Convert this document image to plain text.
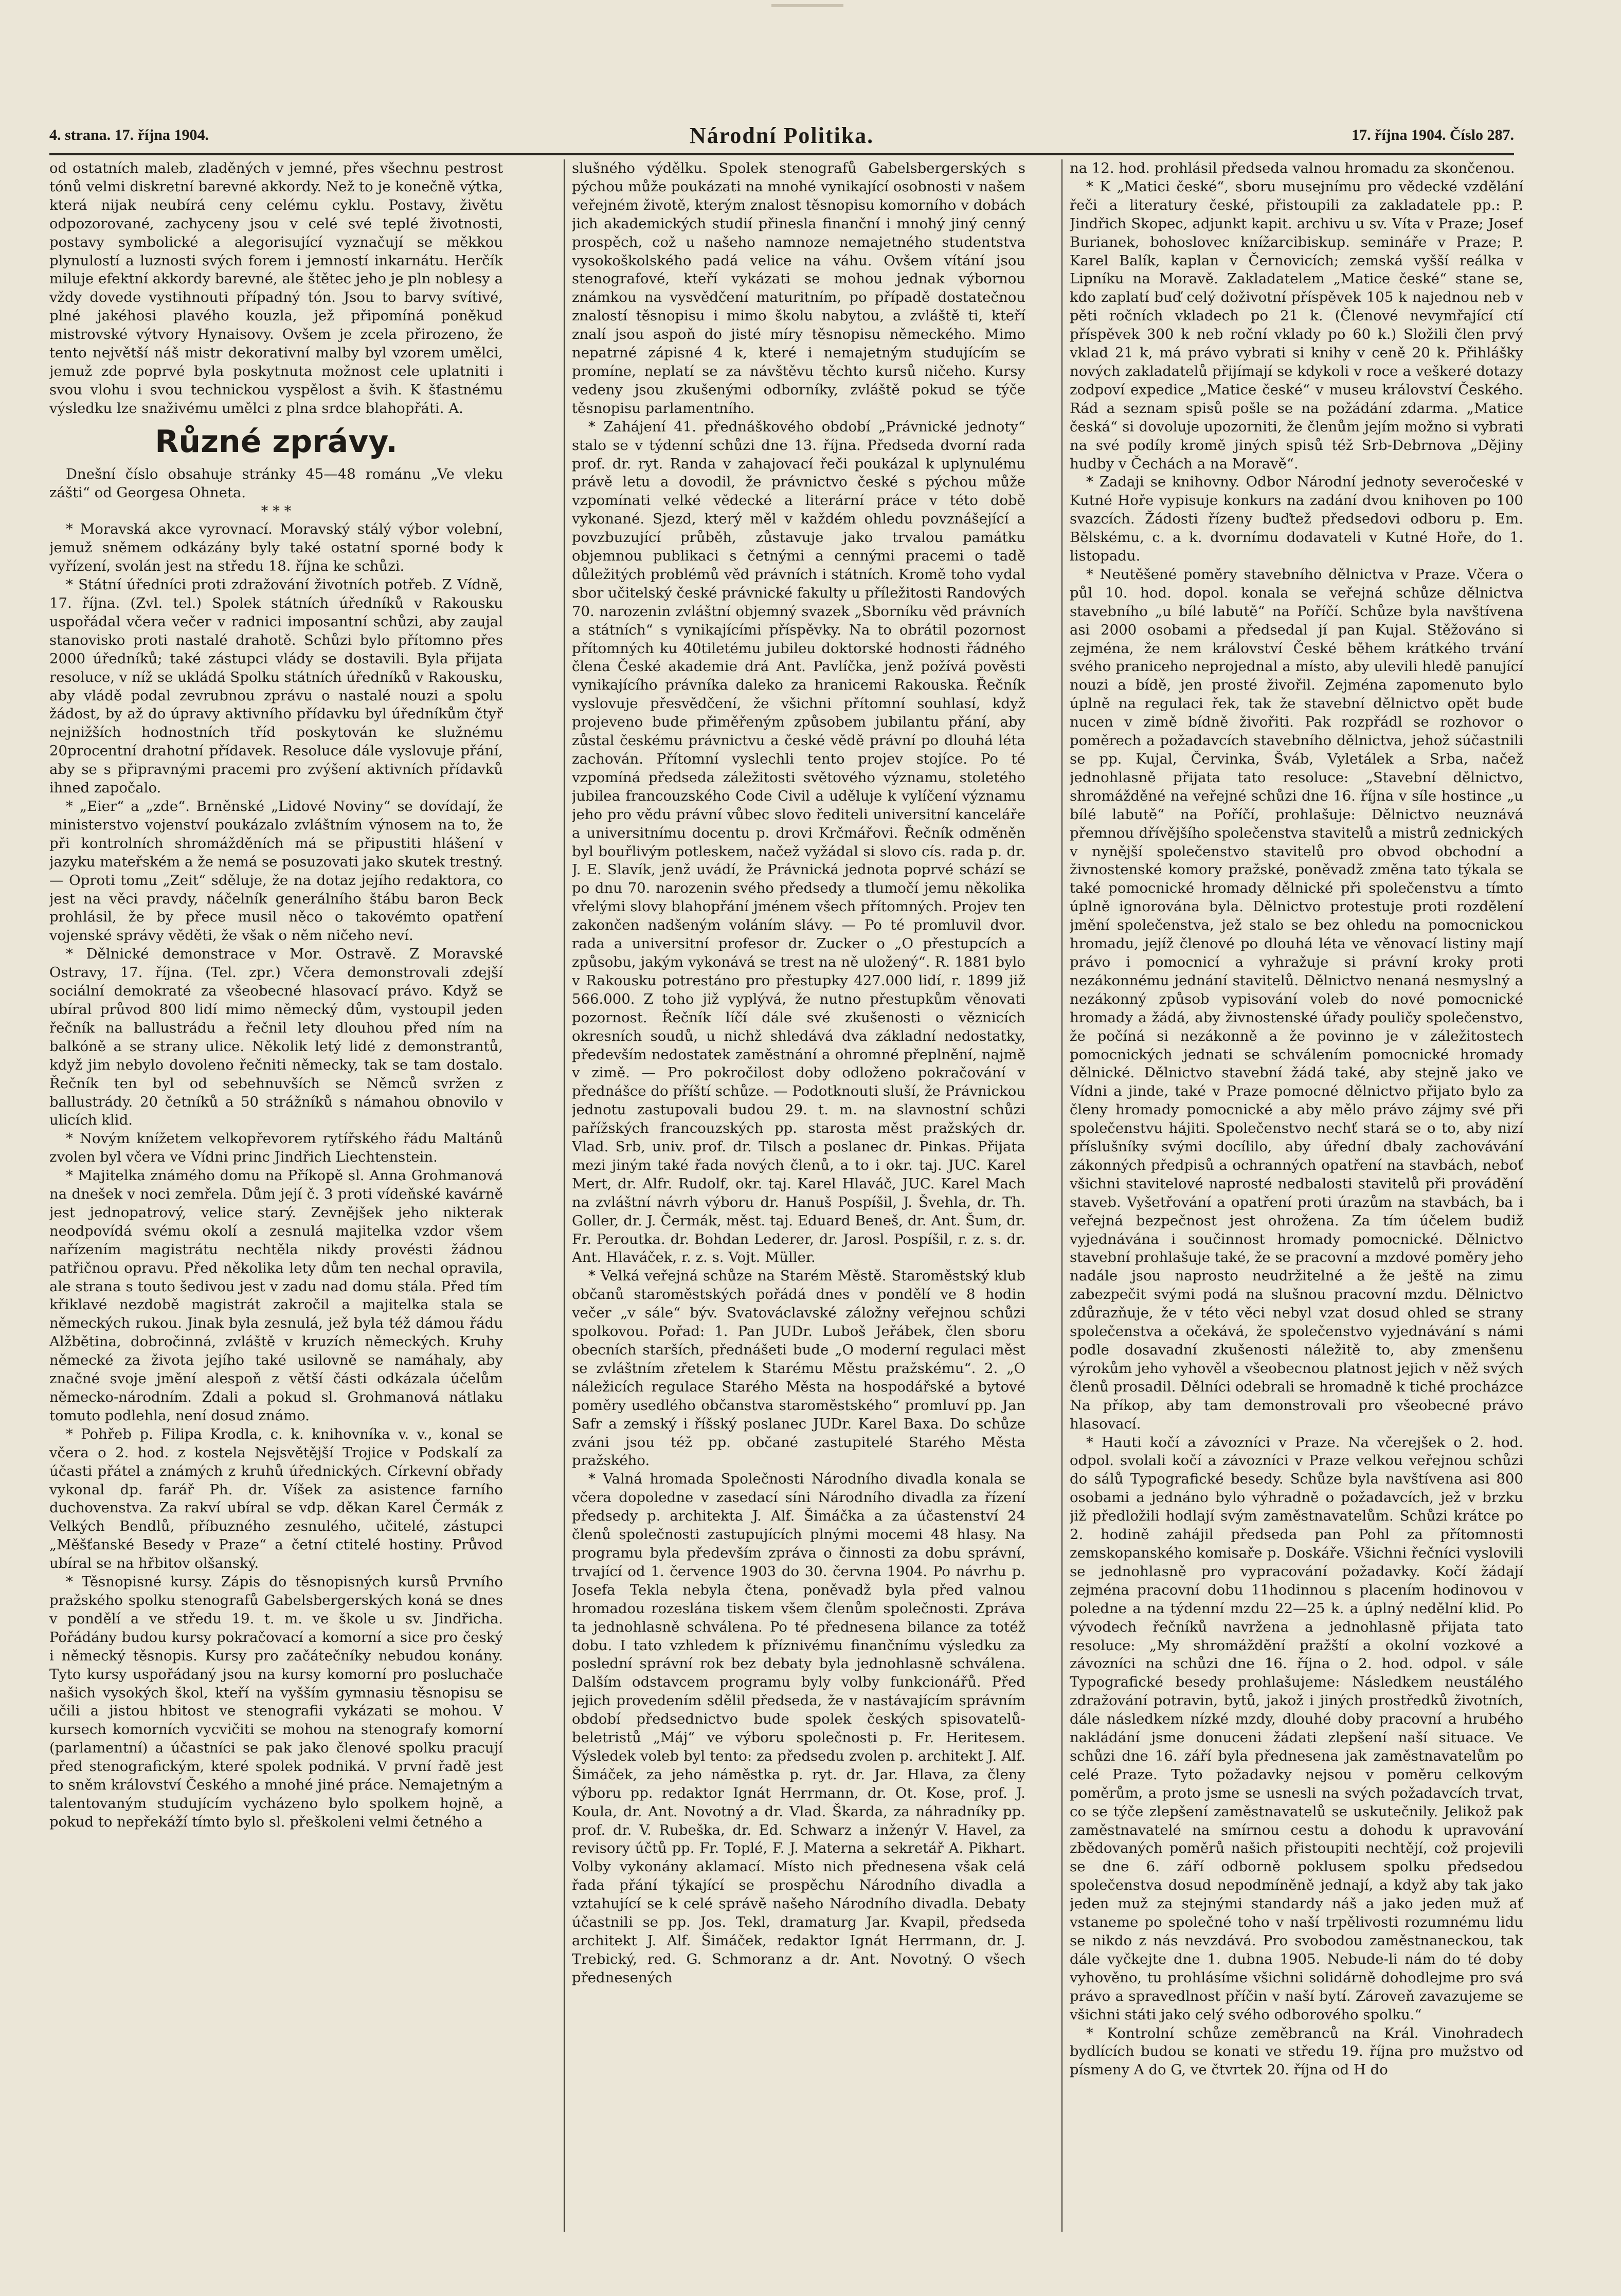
4. strana. 17. října 1904.	Národní Politika.	17. října 1904. Číslo 287.

od ostatních maleb, zladěných v jemné, přes všechnu pestrost tónů velmi diskretní barevné akkordy. Než to je konečně výtka, která nijak neubírá ceny celému cyklu. Postavy, živětu odpozorované, zachyceny jsou v celé své teplé životnosti, postavy symbolické a alegorisující vyznačují se měkkou plynulostí a luznosti svých forem i jemností inkarnátu. Herčík miluje efektní akkordy barevné, ale štětec jeho je pln noblesy a vždy dovede vystihnouti případný tón. Jsou to barvy svítivé, plné jakéhosi plavého kouzla, jež připomíná poněkud mistrovské výtvory Hynaisovy. Ovšem je zcela přirozeno, že tento největší náš mistr dekorativní malby byl vzorem umělci, jemuž zde poprvé byla poskytnuta možnost cele uplatniti i svou vlohu i svou technickou vyspělost a švih. K šťastnému výsledku lze snaživému umělci z plna srdce blahopřáti. A.

Různé zprávy.

Dnešní číslo obsahuje stránky 45—48 románu „Ve vleku zášti“ od Georgesa Ohneta.

* * *

* Moravská akce vyrovnací. Moravský stálý výbor volební, jemuž sněmem odkázány byly také ostatní sporné body k vyřízení, svolán jest na středu 18. října ke schůzi.

* Státní úředníci proti zdražování životních potřeb. Z Vídně, 17. října. (Zvl. tel.) Spolek státních úředníků v Rakousku uspořádal včera večer v radnici imposantní schůzi, aby zaujal stanovisko proti nastalé drahotě. Schůzi bylo přítomno přes 2000 úředníků; také zástupci vlády se dostavili. Byla přijata resoluce, v níž se ukládá Spolku státních úředníků v Rakousku, aby vládě podal zevrubnou zprávu o nastalé nouzi a spolu žádost, by až do úpravy aktivního přídavku byl úředníkům čtyř nejnižších hodnostních tříd poskytován ke služnému 20procentní drahotní přídavek. Resoluce dále vyslovuje přání, aby se s připravnými pracemi pro zvýšení aktivních přídavků ihned započalo.

* „Eier“ a „zde“. Brněnské „Lidové Noviny“ se dovídají, že ministerstvo vojenství poukázalo zvláštním výnosem na to, že při kontrolních shromážděních má se připustiti hlášení v jazyku mateřském a že nemá se posuzovati jako skutek trestný. — Oproti tomu „Zeit“ sděluje, že na dotaz jejího redaktora, co jest na věci pravdy, náčelník generálního štábu baron Beck prohlásil, že by přece musil něco o takovémto opatření vojenské správy věděti, že však o něm ničeho neví.

* Dělnické demonstrace v Mor. Ostravě. Z Moravské Ostravy, 17. října. (Tel. zpr.) Včera demonstrovali zdejší sociální demokraté za všeobecné hlasovací právo. Když se ubíral průvod 800 lidí mimo německý dům, vystoupil jeden řečník na ballustrádu a řečnil lety dlouhou před ním na balkóně a se strany ulice. Několik letý lidé z demonstrantů, když jim nebylo dovoleno řečniti německy, tak se tam dostalo. Řečník ten byl od sebehnuvších se Němců svržen z ballustrády. 20 četníků a 50 strážníků s námahou obnovilo v ulicích klid.

* Novým knížetem velkopřevorem rytířského řádu Maltánů zvolen byl včera ve Vídni princ Jindřich Liechtenstein.

* Majitelka známého domu na Příkopě sl. Anna Grohmanová na dnešek v noci zemřela. Dům její č. 3 proti vídeňské kavárně jest jednopatrový, velice starý. Zevnějšek jeho nikterak neodpovídá svému okolí a zesnulá majitelka vzdor všem nařízením magistrátu nechtěla nikdy provésti žádnou patřičnou opravu. Před několika lety dům ten nechal opravila, ale strana s touto šedivou jest v zadu nad domu stála. Před tím křiklavé nezdobě magistrát zakročil a majitelka stala se německých rukou. Jinak byla zesnulá, jež byla též dámou řádu Alžbětina, dobročinná, zvláště v kruzích německých. Kruhy německé za života jejího také usilovně se namáhaly, aby značné svoje jmění alespoň z větší části odkázala účelům německo-národním. Zdali a pokud sl. Grohmanová nátlaku tomuto podlehla, není dosud známo.

* Pohřeb p. Filipa Krodla, c. k. knihovníka v. v., konal se včera o 2. hod. z kostela Nejsvětější Trojice v Podskalí za účasti přátel a známých z kruhů úřednických. Církevní obřady vykonal dp. farář Ph. dr. Víšek za asistence farního duchovenstva. Za rakví ubíral se vdp. děkan Karel Čermák z Velkých Bendlů, příbuzného zesnulého, učitelé, zástupci „Měšťanské Besedy v Praze“ a četní ctitelé hostiny. Průvod ubíral se na hřbitov olšanský.

* Těsnopisné kursy. Zápis do těsnopisných kursů Prvního pražského spolku stenografů Gabelsbergerských koná se dnes v pondělí a ve středu 19. t. m. ve škole u sv. Jindřicha. Pořádány budou kursy pokračovací a komorní a sice pro český i německý těsnopis. Kursy pro začátečníky nebudou konány. Tyto kursy uspořádaný jsou na kursy komorní pro posluchače našich vysokých škol, kteří na vyšším gymnasiu těsnopisu se učili a jistou hbitost ve stenografii vykázati se mohou. V kursech komorních vycvičiti se mohou na stenografy komorní (parlamentní) a účastníci se pak jako členové spolku pracují před stenografickým, které spolek podniká. V první řadě jest to sněm království Českého a mnohé jiné práce. Nemajetným a talentovaným studujícím vycházeno bylo spolkem hojně, a pokud to nepřekáží tímto bylo sl. přeškoleni velmi četného a

slušného výdělku. Spolek stenografů Gabelsbergerských s pýchou může poukázati na mnohé vynikající osobnosti v našem veřejném životě, kterým znalost těsnopisu komorního v dobách jich akademických studií přinesla finanční i mnohý jiný cenný prospěch, což u našeho namnoze nemajetného studentstva vysokoškolského padá velice na váhu. Ovšem vítání jsou stenografové, kteří vykázati se mohou jednak výbornou známkou na vysvědčení maturitním, po případě dostatečnou znalostí těsnopisu i mimo školu nabytou, a zvláště ti, kteří znalí jsou aspoň do jisté míry těsnopisu německého. Mimo nepatrné zápisné 4 k, které i nemajetným studujícím se promíne, neplatí se za návštěvu těchto kursů ničeho. Kursy vedeny jsou zkušenými odborníky, zvláště pokud se týče těsnopisu parlamentního.

* Zahájení 41. přednáškového období „Právnické jednoty“ stalo se v týdenní schůzi dne 13. října. Předseda dvorní rada prof. dr. ryt. Randa v zahajovací řeči poukázal k uplynulému právě letu a dovodil, že právnictvo české s pýchou může vzpomínati velké vědecké a literární práce v této době vykonané. Sjezd, který měl v každém ohledu povznášející a povzbuzující průběh, zůstavuje jako trvalou památku objemnou publikaci s četnými a cennými pracemi o tadě důležitých problémů věd právních i státních. Kromě toho vydal sbor učitelský české právnické fakulty u příležitosti Randových 70. narozenin zvláštní objemný svazek „Sborníku věd právních a státních“ s vynikajícími příspěvky. Na to obrátil pozornost přítomných ku 40tiletému jubileu doktorské hodnosti řádného člena České akademie drá Ant. Pavlíčka, jenž požívá pověsti vynikajícího právníka daleko za hranicemi Rakouska. Řečník vyslovuje přesvědčení, že všichni přítomní souhlasí, když projeveno bude přiměřeným způsobem jubilantu přání, aby zůstal českému právnictvu a české vědě právní po dlouhá léta zachován. Přítomní vyslechli tento projev stojíce. Po té vzpomíná předseda záležitosti světového významu, stoletého jubilea francouzského Code Civil a uděluje k vylíčení významu jeho pro vědu právní vůbec slovo řediteli universitní kanceláře a universitnímu docentu p. drovi Krčmářovi. Řečník odměněn byl bouřlivým potleskem, načež vyžádal si slovo cís. rada p. dr. J. E. Slavík, jenž uvádí, že Právnická jednota poprvé schází se po dnu 70. narozenin svého předsedy a tlumočí jemu několika vřelými slovy blahopřání jménem všech přítomných. Projev ten zakončen nadšeným voláním slávy. — Po té promluvil dvor. rada a universitní profesor dr. Zucker o „O přestupcích a způsobu, jakým vykonává se trest na ně uložený“. R. 1881 bylo v Rakousku potrestáno pro přestupky 427.000 lidí, r. 1899 již 566.000. Z toho již vyplývá, že nutno přestupkům věnovati pozornost. Řečník líčí dále své zkušenosti o věznicích okresních soudů, u nichž shledává dva základní nedostatky, především nedostatek zaměstnání a ohromné přeplnění, najmě v zimě. — Pro pokročilost doby odloženo pokračování v přednášce do příští schůze. — Podotknouti sluší, že Právnickou jednotu zastupovali budou 29. t. m. na slavnostní schůzi pařížských francouzských pp. starosta měst pražských dr. Vlad. Srb, univ. prof. dr. Tilsch a poslanec dr. Pinkas. Přijata mezi jiným také řada nových členů, a to i okr. taj. JUC. Karel Mert, dr. Alfr. Rudolf, okr. taj. Karel Hlaváč, JUC. Karel Mach na zvláštní návrh výboru dr. Hanuš Pospíšil, J. Švehla, dr. Th. Goller, dr. J. Čermák, měst. taj. Eduard Beneš, dr. Ant. Šum, dr. Fr. Peroutka. dr. Bohdan Lederer, dr. Jarosl. Pospíšil, r. z. s. dr. Ant. Hlaváček, r. z. s. Vojt. Müller.

* Velká veřejná schůze na Starém Městě. Staroměstský klub občanů staroměstských pořádá dnes v pondělí ve 8 hodin večer „v sále“ býv. Svatováclavské záložny veřejnou schůzi spolkovou. Pořad: 1. Pan JUDr. Luboš Jeřábek, člen sboru obecních starších, přednášeti bude „O moderní regulaci měst se zvláštním zřetelem k Starému Městu pražskému“. 2. „O náležicích regulace Starého Města na hospodářské a bytové poměry usedlého občanstva staroměstského“ promluví pp. Jan Safr a zemský i říšský poslanec JUDr. Karel Baxa. Do schůze zváni jsou též pp. občané zastupitelé Starého Města pražského.

* Valná hromada Společnosti Národního divadla konala se včera dopoledne v zasedací síni Národního divadla za řízení předsedy p. architekta J. Alf. Šimáčka a za účastenství 24 členů společnosti zastupujících plnými mocemi 48 hlasy. Na programu byla především zpráva o činnosti za dobu správní, trvající od 1. července 1903 do 30. června 1904. Po návrhu p. Josefa Tekla nebyla čtena, poněvadž byla před valnou hromadou rozeslána tiskem všem členům společnosti. Zpráva ta jednohlasně schválena. Po té přednesena bilance za totéž dobu. I tato vzhledem k příznivému finančnímu výsledku za poslední správní rok bez debaty byla jednohlasně schválena. Dalším odstavcem programu byly volby funkcionářů. Před jejich provedením sdělil předseda, že v nastávajícím správním období předsednictvo bude spolek českých spisovatelů-beletristů „Máj“ ve výboru společnosti p. Fr. Heritesem. Výsledek voleb byl tento: za předsedu zvolen p. architekt J. Alf. Šimáček, za jeho náměstka p. ryt. dr. Jar. Hlava, za členy výboru pp. redaktor Ignát Herrmann, dr. Ot. Kose, prof. J. Koula, dr. Ant. Novotný a dr. Vlad. Škarda, za náhradníky pp. prof. dr. V. Rubeška, dr. Ed. Schwarz a inženýr V. Havel, za revisory účtů pp. Fr. Toplé, F. J. Materna a sekretář A. Pikhart. Volby vykonány aklamací. Místo nich přednesena však celá řada přání týkající se prospěchu Národního divadla a vztahující se k celé správě našeho Národního divadla. Debaty účastnili se pp. Jos. Tekl, dramaturg Jar. Kvapil, předseda architekt J. Alf. Šimáček, redaktor Ignát Herrmann, dr. J. Trebický, red. G. Schmoranz a dr. Ant. Novotný. O všech přednesených

na 12. hod. prohlásil předseda valnou hromadu za skončenou.

* K „Matici české“, sboru musejnímu pro vědecké vzdělání řeči a literatury české, přistoupili za zakladatele pp.: P. Jindřich Skopec, adjunkt kapit. archivu u sv. Víta v Praze; Josef Burianek, bohoslovec knížarcibiskup. semináře v Praze; P. Karel Balík, kaplan v Černovicích; zemská vyšší reálka v Lipníku na Moravě. Zakladatelem „Matice české“ stane se, kdo zaplatí buď celý doživotní příspěvek 105 k najednou neb v pěti ročních vkladech po 21 k. (Členové nevymřající ctí příspěvek 300 k neb roční vklady po 60 k.) Složili člen prvý vklad 21 k, má právo vybrati si knihy v ceně 20 k. Přihlášky nových zakladatelů přijímají se kdykoli v roce a veškeré dotazy zodpoví expedice „Matice české“ v museu království Českého. Rád a seznam spisů pošle se na požádání zdarma. „Matice česká“ si dovoluje upozorniti, že členům jejím možno si vybrati na své podíly kromě jiných spisů též Srb-Debrnova „Dějiny hudby v Čechách a na Moravě“.

* Zadaji se knihovny. Odbor Národní jednoty severočeské v Kutné Hoře vypisuje konkurs na zadání dvou knihoven po 100 svazcích. Žádosti řízeny buďtež předsedovi odboru p. Em. Bělskému, c. a k. dvornímu dodavateli v Kutné Hoře, do 1. listopadu.

* Neutěšené poměry stavebního dělnictva v Praze. Včera o půl 10. hod. dopol. konala se veřejná schůze dělnictva stavebního „u bílé labutě“ na Poříčí. Schůze byla navštívena asi 2000 osobami a předsedal jí pan Kujal. Stěžováno si zejména, že nem království České během krátkého trvání svého praniceho neprojednal a místo, aby ulevili hledě panující nouzi a bídě, jen prosté živořil. Zejména zapomenuto bylo úplně na regulaci řek, tak že stavební dělnictvo opět bude nucen v zimě bídně živořiti. Pak rozpřádl se rozhovor o poměrech a požadavcích stavebního dělnictva, jehož súčastnili se pp. Kujal, Červinka, Šváb, Vyletálek a Srba, načež jednohlasně přijata tato resoluce: „Stavební dělnictvo, shromážděné na veřejné schůzi dne 16. října v síle hostince „u bílé labutě“ na Poříčí, prohlašuje: Dělnictvo neuznává přemnou dřívějšího společenstva stavitelů a mistrů zednických v nynější společenstvo stavitelů pro obvod obchodní a živnostenské komory pražské, poněvadž změna tato týkala se také pomocnické hromady dělnické při společenstvu a tímto úplně ignorována byla. Dělnictvo protestuje proti rozdělení jmění společenstva, jež stalo se bez ohledu na pomocnickou hromadu, jejíž členové po dlouhá léta ve věnovací listiny mají právo i pomocnicí a vyhražuje si právní kroky proti nezákonnému jednání stavitelů. Dělnictvo nenaná nesmyslný a nezákonný způsob vypisování voleb do nové pomocnické hromady a žádá, aby živnostenské úřady pouličy společenstvo, že počíná si nezákonně a že povinno je v záležitostech pomocnických jednati se schválením pomocnické hromady dělnické. Dělnictvo stavební žádá také, aby stejně jako ve Vídni a jinde, také v Praze pomocné dělnictvo přijato bylo za členy hromady pomocnické a aby mělo právo zájmy své při společenstvu hájiti. Společenstvo nechť stará se o to, aby nizí příslušníky svými docílilo, aby úřední dbaly zachovávání zákonných předpisů a ochranných opatření na stavbách, neboť všichni stavitelové naprosté nedbalosti stavitelů při provádění staveb. Vyšetřování a opatření proti úrazům na stavbách, ba i veřejná bezpečnost jest ohrožena. Za tím účelem budiž vyjednávána i součinnost hromady pomocnické. Dělnictvo stavební prohlašuje také, že se pracovní a mzdové poměry jeho nadále jsou naprosto neudržitelné a že ještě na zimu zabezpečit svými podá na slušnou pracovní mzdu. Dělnictvo zdůrazňuje, že v této věci nebyl vzat dosud ohled se strany společenstva a očekává, že společenstvo vyjednávání s námi podle dosavadní zkušenosti náležitě to, aby zmenšenu výrokům jeho vyhověl a všeobecnou platnost jejich v něž svých členů prosadil. Dělníci odebrali se hromadně k tiché procházce Na příkop, aby tam demonstrovali pro všeobecné právo hlasovací.

* Hauti kočí a závozníci v Praze. Na včerejšek o 2. hod. odpol. svolali kočí a závozníci v Praze velkou veřejnou schůzi do sálů Typografické besedy. Schůze byla navštívena asi 800 osobami a jednáno bylo výhradně o požadavcích, jež v brzku již předložili hodlají svým zaměstnavatelům. Schůzi krátce po 2. hodině zahájil předseda pan Pohl za přítomnosti zemskopanského komisaře p. Doskáře. Všichni řečníci vyslovili se jednohlasně pro vypracování požadavky. Kočí žádají zejména pracovní dobu 11hodinnou s placením hodinovou v poledne a na týdenní mzdu 22—25 k. a úplný nedělní klid. Po vývodech řečníků navržena a jednohlasně přijata tato resoluce: „My shromáždění pražští a okolní vozkové a závozníci na schůzi dne 16. října o 2. hod. odpol. v sále Typografické besedy prohlašujeme: Následkem neustálého zdražování potravin, bytů, jakož i jiných prostředků životních, dále následkem nízké mzdy, dlouhé doby pracovní a hrubého nakládání jsme donuceni žádati zlepšení naší situace. Ve schůzi dne 16. září byla přednesena jak zaměstnavatelům po celé Praze. Tyto požadavky nejsou v poměru celkovým poměrům, a proto jsme se usnesli na svých požadavcích trvat, co se týče zlepšení zaměstnavatelů se uskutečnily. Jelikož pak zaměstnavatelé na smírnou cestu a dohodu k upravování zbědovaných poměrů našich přistoupiti nechtějí, což projevili se dne 6. září odborně poklusem spolku předsedou společenstva dosud nepodmíněně jednají, a když aby tak jako jeden muž za stejnými standardy náš a jako jeden muž ať vstaneme po společné toho v naší trpělivosti rozumnému lidu se nikdo z nás nevzdává. Pro svobodou zaměstnaneckou, tak dále vyčkejte dne 1. dubna 1905. Nebude-li nám do té doby vyhověno, tu prohlásíme všichni solidárně dohodlejme pro svá právo a spravedlnost příčin v naší bytí. Zároveň zavazujeme se všichni státi jako celý svého odborového spolku.“

* Kontrolní schůze zeměbranců na Král. Vinohradech bydlících budou se konati ve středu 19. října pro mužstvo od písmeny A do G, ve čtvrtek 20. října od H do
